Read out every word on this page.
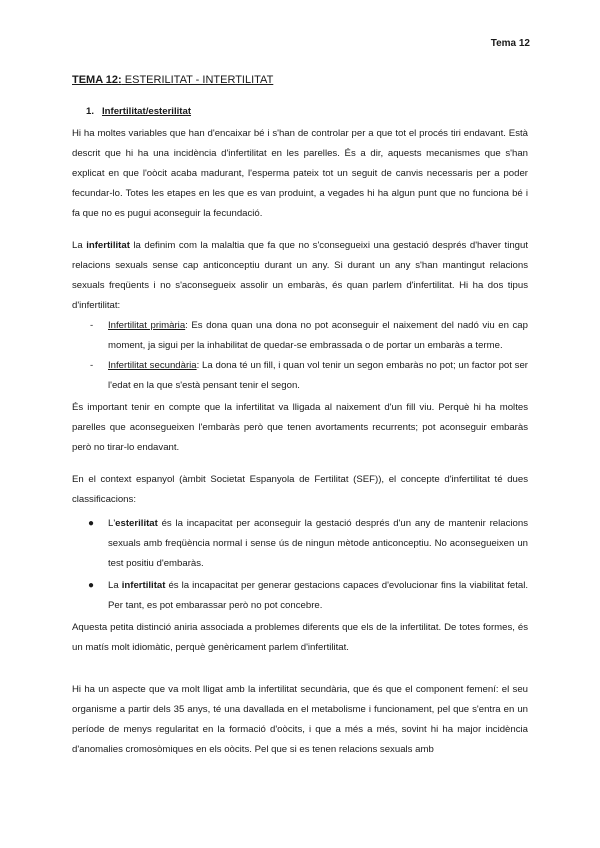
Tema 12
TEMA 12: ESTERILITAT - INTERTILITAT
1. Infertilitat/esterilitat

Hi ha moltes variables que han d'encaixar bé i s'han de controlar per a que tot el procés tiri endavant. Està descrit que hi ha una incidència d'infertilitat en les parelles. És a dir, aquests mecanismes que s'han explicat en que l'oòcit acaba madurant, l'esperma pateix tot un seguit de canvis necessaris per a poder fecundar-lo. Totes les etapes en les que es van produint, a vegades hi ha algun punt que no funciona bé i fa que no es pugui aconseguir la fecundació.

La infertilitat la definim com la malaltia que fa que no s'consegueixi una gestació després d'haver tingut relacions sexuals sense cap anticonceptiu durant un any. Si durant un any s'han mantingut relacions sexuals freqüents i no s'aconsegueix assolir un embaràs, és quan parlem d'infertilitat. Hi ha dos tipus d'infertilitat:

- Infertilitat primària: Es dona quan una dona no pot aconseguir el naixement del nadó viu en cap moment, ja sigui per la inhabilitat de quedar-se embrassada o de portar un embaràs a terme.
- Infertilitat secundària: La dona té un fill, i quan vol tenir un segon embaràs no pot; un factor pot ser l'edat en la que s'està pensant tenir el segon.

És important tenir en compte que la infertilitat va lligada al naixement d'un fill viu. Perquè hi ha moltes parelles que aconsegueixen l'embaràs però que tenen avortaments recurrents; pot aconseguir embaràs però no tirar-lo endavant.

En el context espanyol (àmbit Societat Espanyola de Fertilitat (SEF)), el concepte d'infertilitat té dues classificacions:

● L'esterilitat és la incapacitat per aconseguir la gestació després d'un any de mantenir relacions sexuals amb freqüència normal i sense ús de ningun mètode anticonceptiu. No aconsegueixen un test positiu d'embaràs.
● La infertilitat és la incapacitat per generar gestacions capaces d'evolucionar fins la viabilitat fetal. Per tant, es pot embarassar però no pot concebre.

Aquesta petita distinció aniria associada a problemes diferents que els de la infertilitat. De totes formes, és un matís molt idiomàtic, perquè genèricament parlem d'infertilitat.

Hi ha un aspecte que va molt lligat amb la infertilitat secundària, que és que el component femení: el seu organisme a partir dels 35 anys, té una davallada en el metabolisme i funcionament, pel que s'entra en un període de menys regularitat en la formació d'oòcits, i que a més a més, sovint hi ha major incidència d'anomalies cromosòmiques en els oòcits. Pel que si es tenen relacions sexuals amb
